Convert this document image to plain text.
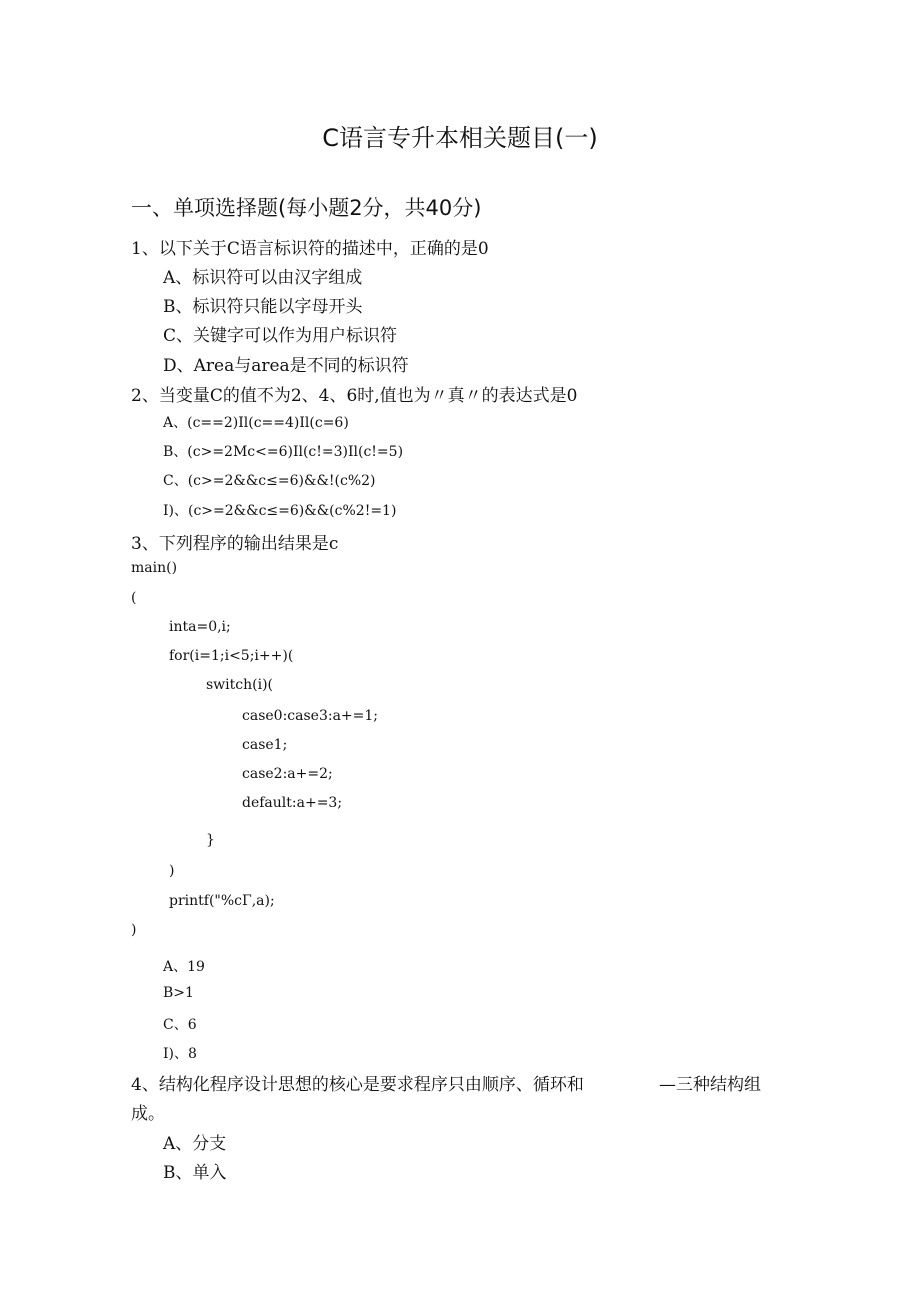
C语言专升本相关题目(一)
一、单项选择题(每小题2分，共40分)
1、以下关于C语言标识符的描述中，正确的是0
A、标识符可以由汉字组成
B、标识符只能以字母开头
C、关键字可以作为用户标识符
D、Area与area是不同的标识符
2、当变量C的值不为2、4、6时,值也为〃真〃的表达式是0
A、(c==2)Il(c==4)Il(c=6)
B、(c>=2Mc<=6)Il(c!=3)Il(c!=5)
C、(c>=2&&c≤=6)&&!(c%2)
I)、(c>=2&&c≤=6)&&(c%2!=1)
3、下列程序的输出结果是c
main()
(
inta=0,i;
for(i=1;i<5;i++)(
switch(i)(
case0:case3:a+=1;
case1;
case2:a+=2;
default:a+=3;
}
)
printf("%cΓ,a);
)
A、19
B>1
C、6
I)、8
4、结构化程序设计思想的核心是要求程序只由顺序、循环和	—三种结构组
成。
A、分支
B、单入
